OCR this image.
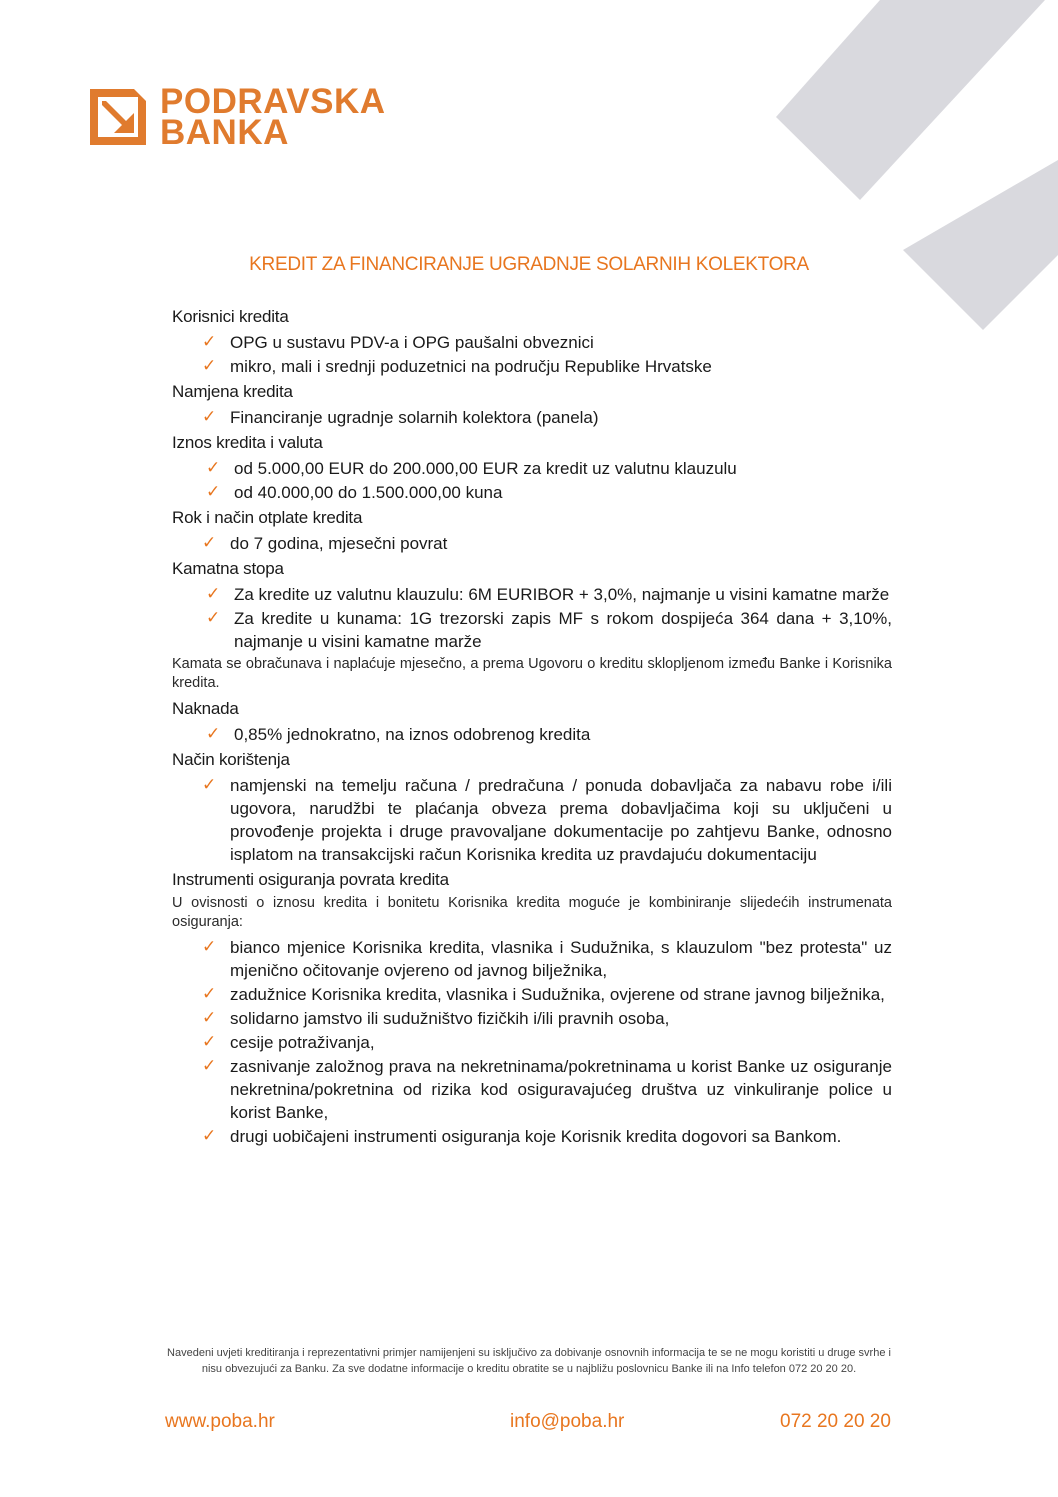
PODRAVSKA
BANKA
KREDIT ZA FINANCIRANJE UGRADNJE SOLARNIH KOLEKTORA
Korisnici kredita
✓ OPG u sustavu PDV-a i OPG paušalni obveznici
✓ mikro, mali i srednji poduzetnici na području Republike Hrvatske
Namjena kredita
✓ Financiranje ugradnje solarnih kolektora (panela)
Iznos kredita i valuta
✓ od 5.000,00 EUR do 200.000,00 EUR za kredit uz valutnu klauzulu
✓ od 40.000,00 do 1.500.000,00 kuna
Rok i način otplate kredita
✓ do 7 godina, mjesečni povrat
Kamatna stopa
✓ Za kredite uz valutnu klauzulu: 6M EURIBOR + 3,0%, najmanje u visini kamatne marže
✓ Za kredite u kunama: 1G trezorski zapis MF s rokom dospijeća 364 dana + 3,10%, najmanje u visini kamatne marže
Kamata se obračunava i naplaćuje mjesečno, a prema Ugovoru o kreditu sklopljenom između Banke i Korisnika kredita.
Naknada
✓ 0,85% jednokratno, na iznos odobrenog kredita
Način korištenja
✓ namjenski na temelju računa / predračuna / ponuda dobavljača za nabavu robe i/ili ugovora, narudžbi te plaćanja obveza prema dobavljačima koji su uključeni u provođenje projekta i druge pravovaljane dokumentacije po zahtjevu Banke, odnosno isplatom na transakcijski račun Korisnika kredita uz pravdajuću dokumentaciju
Instrumenti osiguranja povrata kredita
U ovisnosti o iznosu kredita i bonitetu Korisnika kredita moguće je kombiniranje slijedećih instrumenata osiguranja:
✓ bianco mjenice Korisnika kredita, vlasnika i Sudužnika, s klauzulom "bez protesta" uz mjenično očitovanje ovjereno od javnog bilježnika,
✓ zadužnice Korisnika kredita, vlasnika i Sudužnika, ovjerene od strane javnog bilježnika,
✓ solidarno jamstvo ili sudužništvo fizičkih i/ili pravnih osoba,
✓ cesije potraživanja,
✓ zasnivanje založnog prava na nekretninama/pokretninama u korist Banke uz osiguranje nekretnina/pokretnina od rizika kod osiguravajućeg društva uz vinkuliranje police u korist Banke,
✓ drugi uobičajeni instrumenti osiguranja koje Korisnik kredita dogovori sa Bankom.
Navedeni uvjeti kreditiranja i reprezentativni primjer namijenjeni su isključivo za dobivanje osnovnih informacija te se ne mogu koristiti u druge svrhe i nisu obvezujući za Banku. Za sve dodatne informacije o kreditu obratite se u najbližu poslovnicu Banke ili na Info telefon 072 20 20 20.
www.poba.hr	info@poba.hr	072 20 20 20
